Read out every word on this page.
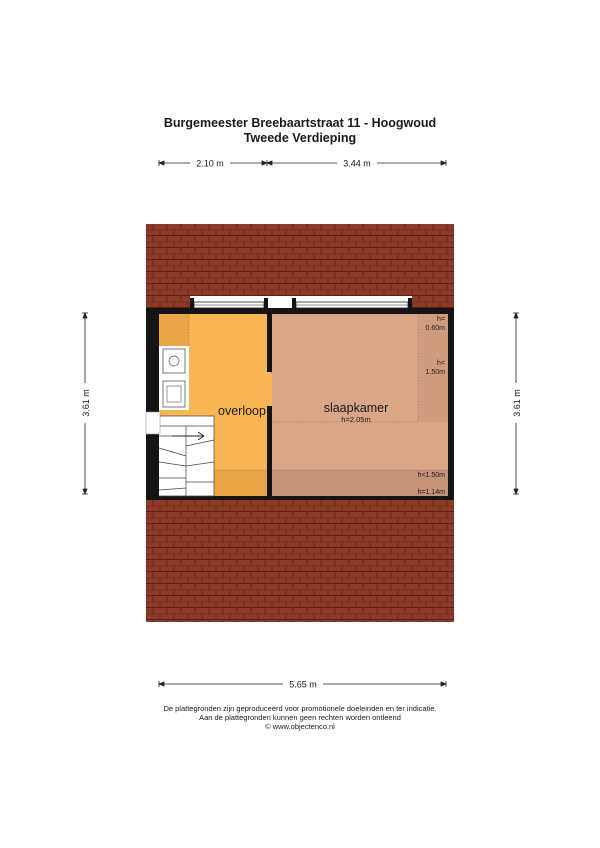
Burgemeester Breebaartstraat 11 - Hoogwoud
Tweede Verdieping
overloop	slaapkamer
h=2.05m
h=
0.60m
h<
1.50m
h<1.50m
h=1.14m
2.10 m	3.44 m
3.61 m	3.61 m
5.65 m
De plattegronden zijn geproduceerd voor promotionele doeleinden en ter indicatie.
Aan de plattegronden kunnen geen rechten worden ontleend
© www.objectenco.nl
